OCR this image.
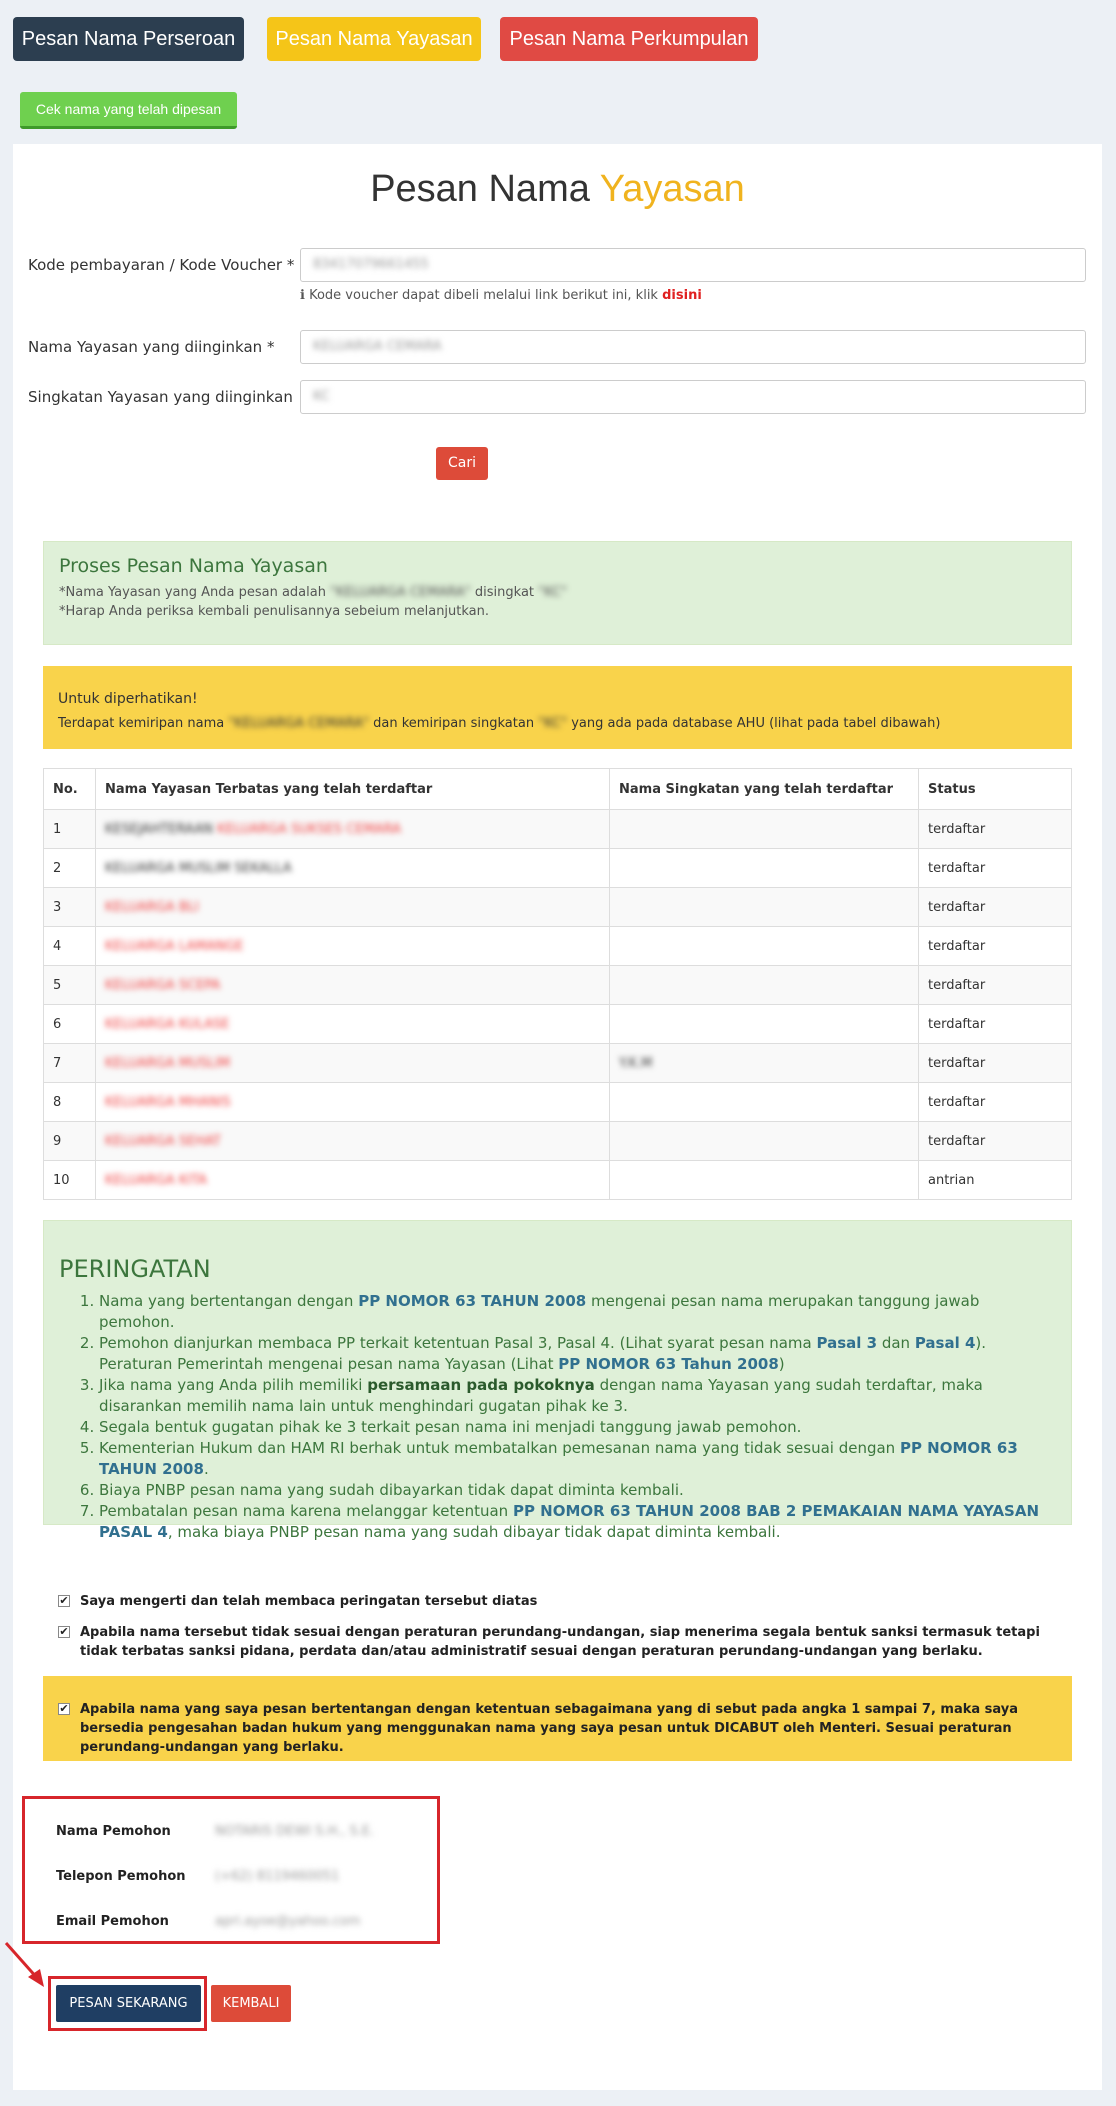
Pesan Nama Perseroan	Pesan Nama Yayasan	Pesan Nama Perkumpulan
Cek nama yang telah dipesan
Pesan Nama Yayasan
Kode pembayaran / Kode Voucher *	83417079661455
ℹ Kode voucher dapat dibeli melalui link berikut ini, klik disini
Nama Yayasan yang diinginkan *	KELUARGA CEMARA
Singkatan Yayasan yang diinginkan	KC
Cari
Proses Pesan Nama Yayasan

*Nama Yayasan yang Anda pesan adalah "KELUARGA CEMARA" disingkat "KC"

*Harap Anda periksa kembali penulisannya sebeium melanjutkan.

Untuk diperhatikan!

Terdapat kemiripan nama "KELUARGA CEMARA" dan kemiripan singkatan "KC" yang ada pada database AHU (lihat pada tabel dibawah)

No.	Nama Yayasan Terbatas yang telah terdaftar	Nama Singkatan yang telah terdaftar	Status
1	KESEJAHTERAAN KELUARGA SUKSES CEMARA		terdaftar
2	KELUARGA MUSLIM SEKALLA		terdaftar
3	KELUARGA BLI		terdaftar
4	KELUARGA LAMANGE		terdaftar
5	KELUARGA SCEPA		terdaftar
6	KELUARGA KULASE		terdaftar
7	KELUARGA MUSLIM	Y.K.M	terdaftar
8	KELUARGA MHANIS		terdaftar
9	KELUARGA SEHAT		terdaftar
10	KELUARGA KITA		antrian
PERINGATAN
1. Nama yang bertentangan dengan PP NOMOR 63 TAHUN 2008 mengenai pesan nama merupakan tanggung jawab pemohon.
2. Pemohon dianjurkan membaca PP terkait ketentuan Pasal 3, Pasal 4. (Lihat syarat pesan nama Pasal 3 dan Pasal 4). Peraturan Pemerintah mengenai pesan nama Yayasan (Lihat PP NOMOR 63 Tahun 2008)
3. Jika nama yang Anda pilih memiliki persamaan pada pokoknya dengan nama Yayasan yang sudah terdaftar, maka disarankan memilih nama lain untuk menghindari gugatan pihak ke 3.
4. Segala bentuk gugatan pihak ke 3 terkait pesan nama ini menjadi tanggung jawab pemohon.
5. Kementerian Hukum dan HAM RI berhak untuk membatalkan pemesanan nama yang tidak sesuai dengan PP NOMOR 63 TAHUN 2008.
6. Biaya PNBP pesan nama yang sudah dibayarkan tidak dapat diminta kembali.
7. Pembatalan pesan nama karena melanggar ketentuan PP NOMOR 63 TAHUN 2008 BAB 2 PEMAKAIAN NAMA YAYASAN PASAL 4, maka biaya PNBP pesan nama yang sudah dibayar tidak dapat diminta kembali.
✔ Saya mengerti dan telah membaca peringatan tersebut diatas
✔ Apabila nama tersebut tidak sesuai dengan peraturan perundang-undangan, siap menerima segala bentuk sanksi termasuk tetapi tidak terbatas sanksi pidana, perdata dan/atau administratif sesuai dengan peraturan perundang-undangan yang berlaku.
✔ Apabila nama yang saya pesan bertentangan dengan ketentuan sebagaimana yang di sebut pada angka 1 sampai 7, maka saya bersedia pengesahan badan hukum yang menggunakan nama yang saya pesan untuk DICABUT oleh Menteri. Sesuai peraturan perundang-undangan yang berlaku.
Nama Pemohon	NOTARIS DEWI S.H., S.E.
Telepon Pemohon (+62) 8119460051
Email Pemohon	apri.ayoe@yahoo.com
PESAN SEKARANG	KEMBALI
